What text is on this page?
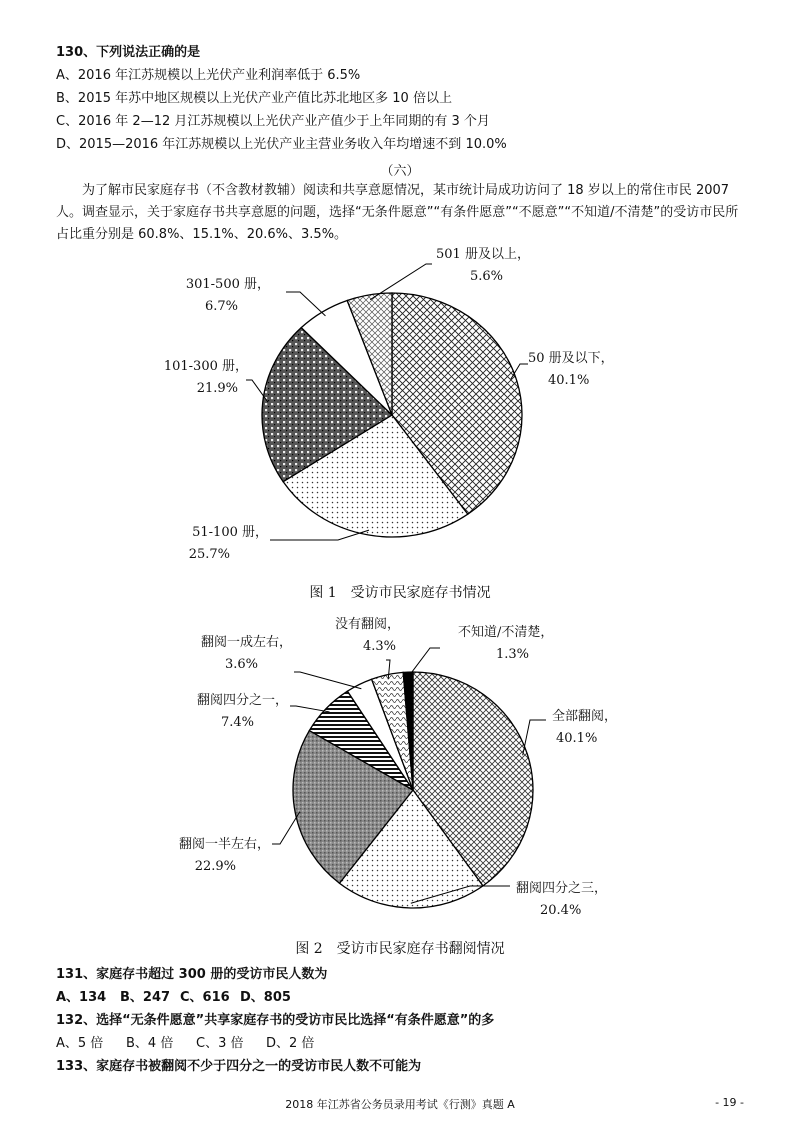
130、下列说法正确的是
A、2016 年江苏规模以上光伏产业利润率低于 6.5%
B、2015 年苏中地区规模以上光伏产业产值比苏北地区多 10 倍以上
C、2016 年 2—12 月江苏规模以上光伏产业产值少于上年同期的有 3 个月
D、2015—2016 年江苏规模以上光伏产业主营业务收入年均增速不到 10.0%
（六）
为了解市民家庭存书（不含教材教辅）阅读和共享意愿情况，某市统计局成功访问了 18 岁以上的常住市民 2007 人。调查显示，关于家庭存书共享意愿的问题，选择“无条件愿意”“有条件愿意”“不愿意”“不知道/不清楚”的受访市民所占比重分别是 60.8%、15.1%、20.6%、3.5%。
50 册及以下，
40.1%
51-100 册，
25.7%
101-300 册，
21.9%
301-500 册，
6.7%
501 册及以上，
5.6%
图 1　受访市民家庭存书情况
全部翻阅，
40.1%
翻阅四分之三，
20.4%
翻阅一半左右，
22.9%
翻阅四分之一，
7.4%
翻阅一成左右，
3.6%
没有翻阅，
4.3%
不知道/不清楚，
1.3%
图 2　受访市民家庭存书翻阅情况
131、家庭存书超过 300 册的受访市民人数为
A、134 B、247 C、616 D、805
132、选择“无条件愿意”共享家庭存书的受访市民比选择“有条件愿意”的多
A、5 倍 B、4 倍 C、3 倍 D、2 倍
133、家庭存书被翻阅不少于四分之一的受访市民人数不可能为
2018 年江苏省公务员录用考试《行测》真题 A	- 19 -
